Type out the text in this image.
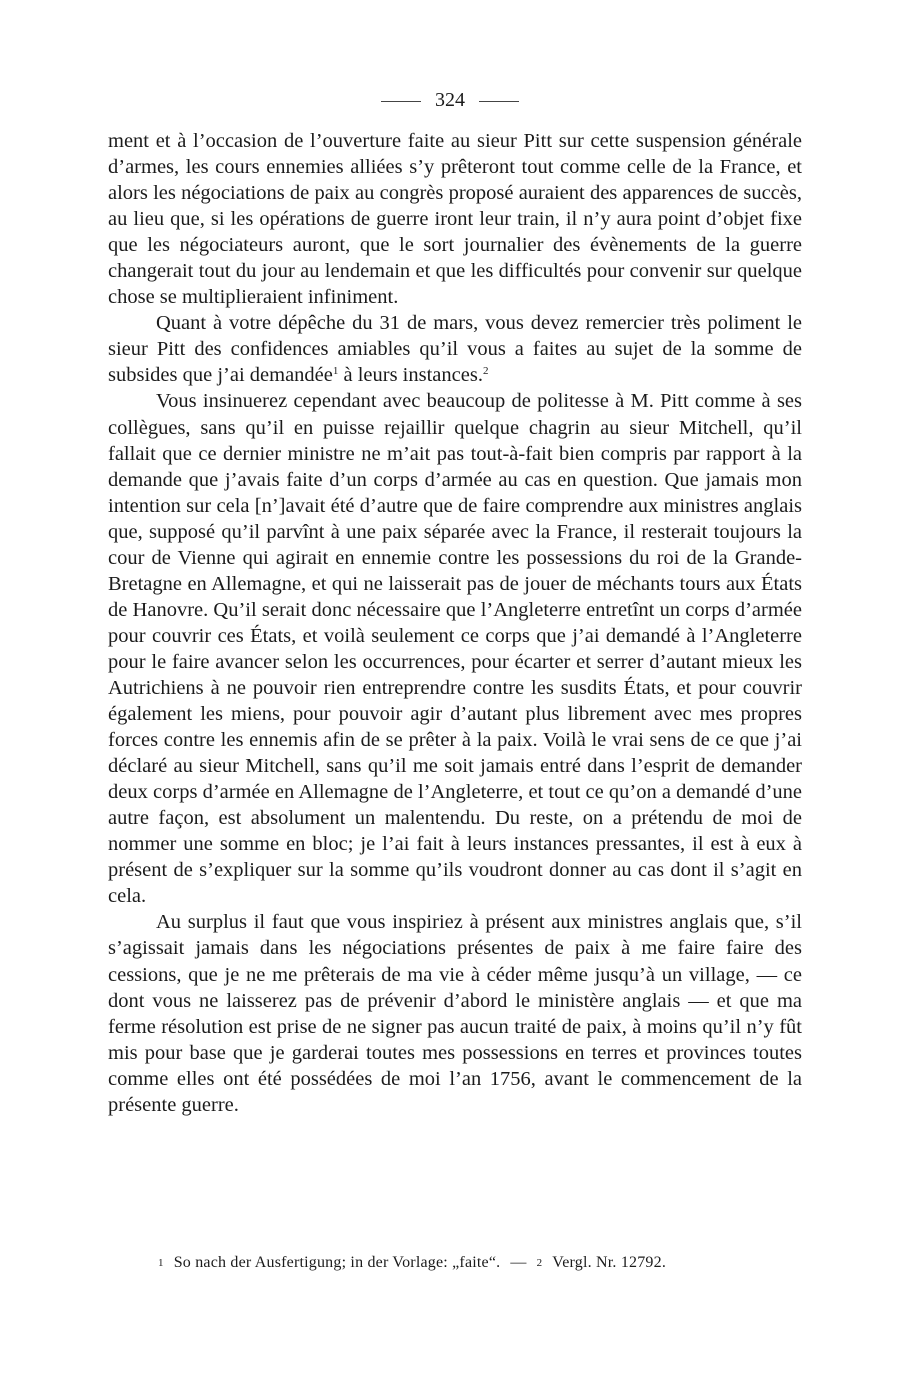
324

ment et à l’occasion de l’ouverture faite au sieur Pitt sur cette suspension générale d’armes, les cours ennemies alliées s’y prêteront tout comme celle de la France, et alors les négociations de paix au congrès proposé auraient des apparences de succès, au lieu que, si les opérations de guerre iront leur train, il n’y aura point d’objet fixe que les négociateurs auront, que le sort journalier des évènements de la guerre changerait tout du jour au lendemain et que les difficultés pour convenir sur quelque chose se multiplieraient infiniment.

Quant à votre dépêche du 31 de mars, vous devez remercier très poliment le sieur Pitt des confidences amiables qu’il vous a faites au sujet de la somme de subsides que j’ai demandée$^1$ à leurs instances.$^2$

Vous insinuerez cependant avec beaucoup de politesse à M. Pitt comme à ses collègues, sans qu’il en puisse rejaillir quelque chagrin au sieur Mitchell, qu’il fallait que ce dernier ministre ne m’ait pas tout-à-fait bien compris par rapport à la demande que j’avais faite d’un corps d’armée au cas en question. Que jamais mon intention sur cela [n’]avait été d’autre que de faire comprendre aux ministres anglais que, supposé qu’il parvînt à une paix séparée avec la France, il resterait toujours la cour de Vienne qui agirait en ennemie contre les possessions du roi de la Grande-Bretagne en Allemagne, et qui ne laisserait pas de jouer de méchants tours aux États de Hanovre. Qu’il serait donc nécessaire que l’Angleterre entretînt un corps d’armée pour couvrir ces États, et voilà seulement ce corps que j’ai demandé à l’Angleterre pour le faire avancer selon les occurrences, pour écarter et serrer d’autant mieux les Autrichiens à ne pouvoir rien entreprendre contre les susdits États, et pour couvrir également les miens, pour pouvoir agir d’autant plus librement avec mes propres forces contre les ennemis afin de se prêter à la paix. Voilà le vrai sens de ce que j’ai déclaré au sieur Mitchell, sans qu’il me soit jamais entré dans l’esprit de demander deux corps d’armée en Allemagne de l’Angleterre, et tout ce qu’on a demandé d’une autre façon, est absolument un malentendu. Du reste, on a prétendu de moi de nommer une somme en bloc; je l’ai fait à leurs instances pressantes, il est à eux à présent de s’expliquer sur la somme qu’ils voudront donner au cas dont il s’agit en cela.

Au surplus il faut que vous inspiriez à présent aux ministres anglais que, s’il s’agissait jamais dans les négociations présentes de paix à me faire faire des cessions, que je ne me prêterais de ma vie à céder même jusqu’à un village, — ce dont vous ne laisserez pas de prévenir d’abord le ministère anglais — et que ma ferme résolution est prise de ne signer pas aucun traité de paix, à moins qu’il n’y fût mis pour base que je garderai toutes mes possessions en terres et provinces toutes comme elles ont été possédées de moi l’an 1756, avant le commencement de la présente guerre.

1 So nach der Ausfertigung; in der Vorlage: „faite“. — 2 Vergl. Nr. 12792.
